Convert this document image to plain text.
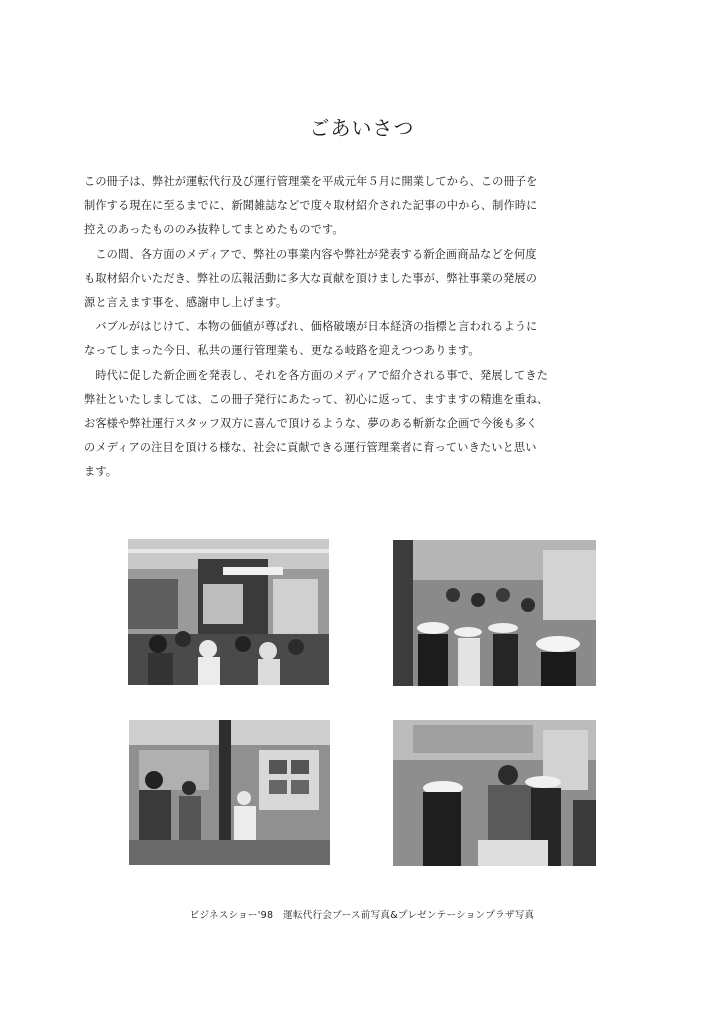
ごあいさつ
この冊子は、弊社が運転代行及び運行管理業を平成元年５月に開業してから、この冊子を
制作する現在に至るまでに、新聞雑誌などで度々取材紹介された記事の中から、制作時に
控えのあったもののみ抜粋してまとめたものです。
　この間、各方面のメディアで、弊社の事業内容や弊社が発表する新企画商品などを何度
も取材紹介いただき、弊社の広報活動に多大な貢献を頂けました事が、弊社事業の発展の
源と言えます事を、感謝申し上げます。
　バブルがはじけて、本物の価値が尊ばれ、価格破壊が日本経済の指標と言われるように
なってしまった今日、私共の運行管理業も、更なる岐路を迎えつつあります。
　時代に促した新企画を発表し、それを各方面のメディアで紹介される事で、発展してきた
弊社といたしましては、この冊子発行にあたって、初心に返って、ますますの精進を重ね、
お客様や弊社運行スタッフ双方に喜んで頂けるような、夢のある斬新な企画で今後も多く
のメディアの注目を頂ける様な、社会に貢献できる運行管理業者に育っていきたいと思い
ます。

ビジネスショー'98　運転代行会ブース前写真&プレゼンテーションプラザ写真
